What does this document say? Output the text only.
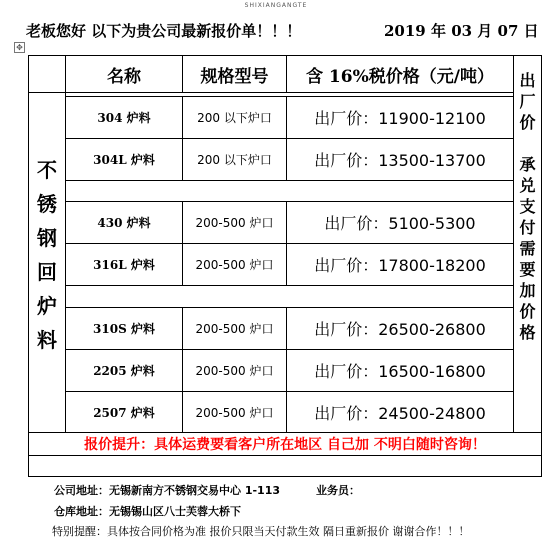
SHIXIANGANGTE
老板您好 以下为贵公司最新报价单！！！	2019 年 03 月 07 日
✥
名称	规格型号	含 16%税价格（元/吨）
不
锈
钢
回
炉
料
出
厂
价
承
兑
支
付
需
要
加
价
格
304 炉料	200 以下炉口	出厂价：11900-12100
304L 炉料	200 以下炉口	出厂价：13500-13700
430 炉料	200-500 炉口	出厂价：5100-5300
316L 炉料	200-500 炉口	出厂价：17800-18200
310S 炉料	200-500 炉口	出厂价：26500-26800
2205 炉料	200-500 炉口	出厂价：16500-16800
2507 炉料	200-500 炉口	出厂价：24500-24800
报价提升：具体运费要看客户所在地区 自己加 不明白随时咨询！
公司地址：无锡新南方不锈钢交易中心 1-113	业务员：
仓库地址：无锡锡山区八士芙蓉大桥下
特别提醒：具体按合同价格为准 报价只限当天付款生效 隔日重新报价 谢谢合作！！！
